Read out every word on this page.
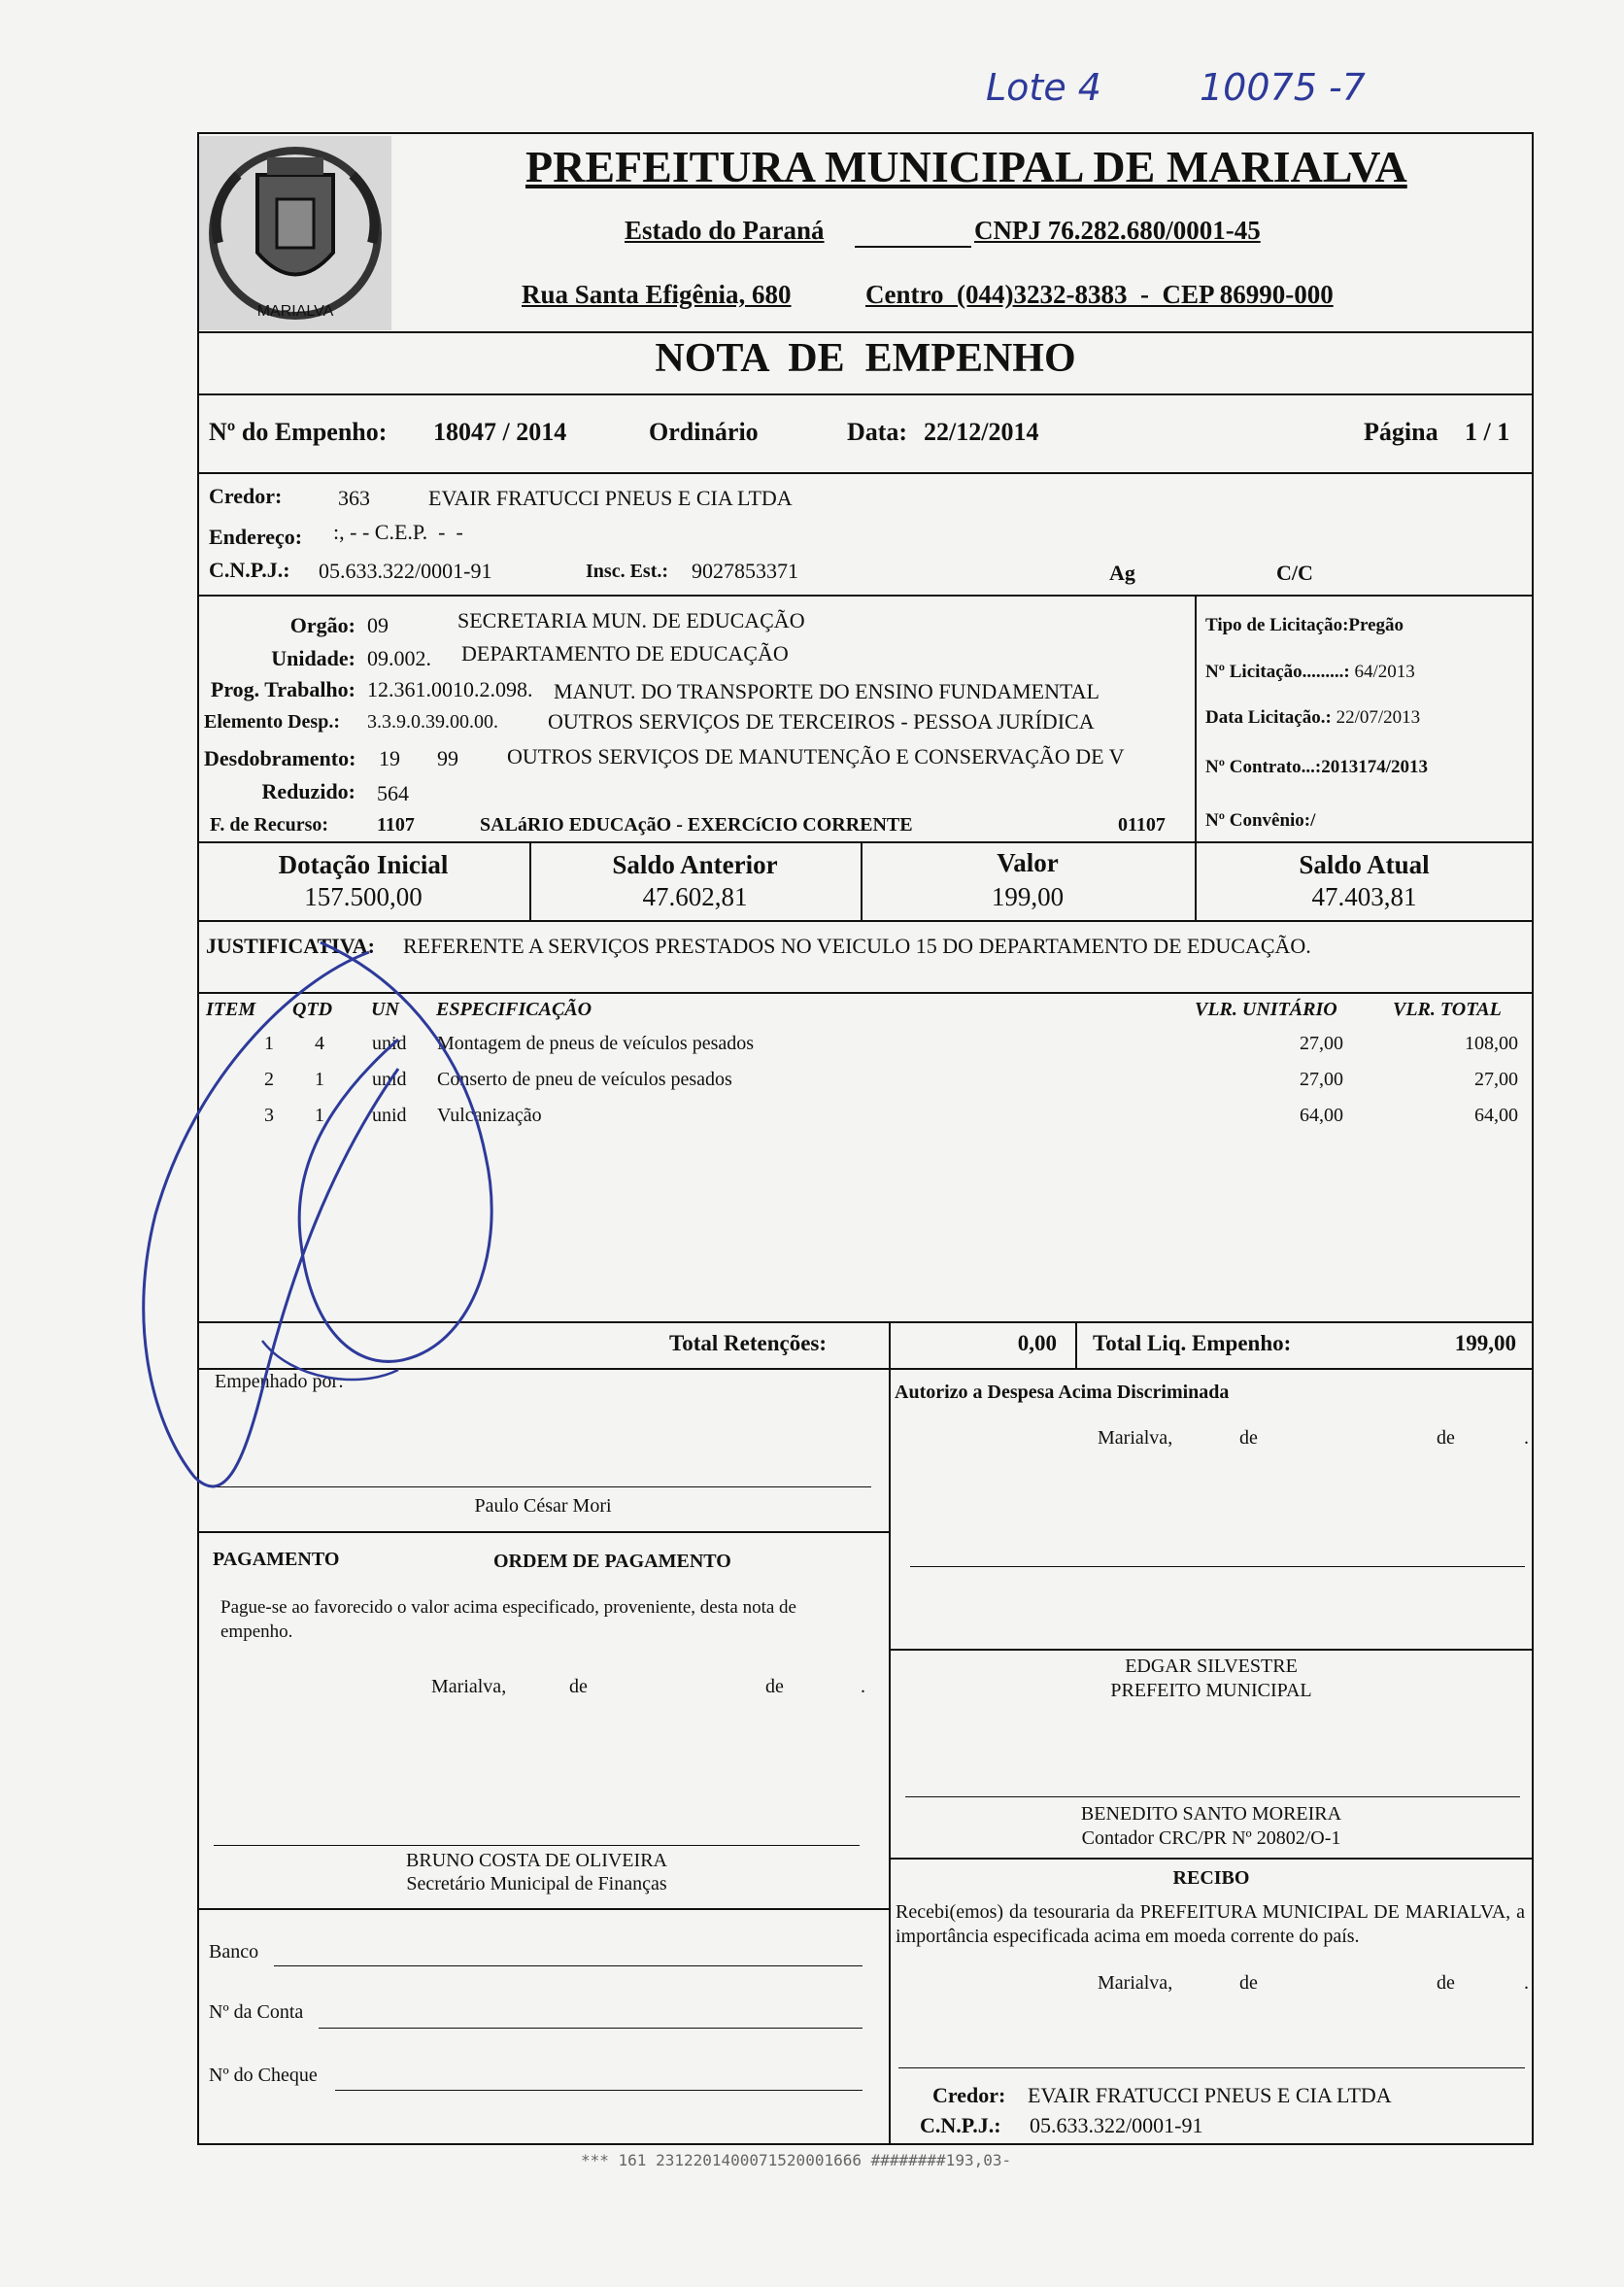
Lote 4	10075 -7
MARIALVA
PREFEITURA MUNICIPAL DE MARIALVA
Estado do Paraná	CNPJ 76.282.680/0001-45
Rua Santa Efigênia, 680	Centro  (044)3232-8383  -  CEP 86990-000
NOTA  DE  EMPENHO
Nº do Empenho: 18047 / 2014	Ordinário	Data: 22/12/2014	Página 1 / 1
Credor:	363	EVAIR FRATUCCI PNEUS E CIA LTDA
Endereço: :, - - C.E.P.  -  -
C.N.P.J.: 05.633.322/0001-91	Insc. Est.: 9027853371	Ag	C/C
Orgão: 09	SECRETARIA MUN. DE EDUCAÇÃO
Unidade: 09.002. DEPARTAMENTO DE EDUCAÇÃO
Prog. Trabalho: 12.361.0010.2.098. MANUT. DO TRANSPORTE DO ENSINO FUNDAMENTAL
Elemento Desp.: 3.3.9.0.39.00.00. OUTROS SERVIÇOS DE TERCEIROS - PESSOA JURÍDICA
Desdobramento: 19 99 OUTROS SERVIÇOS DE MANUTENÇÃO E CONSERVAÇÃO DE V
Reduzido: 564
F. de Recurso: 1107	SALáRIO EDUCAçãO - EXERCíCIO CORRENTE	01107
Tipo de Licitação:Pregão
Nº Licitação.........: 64/2013
Data Licitação.: 22/07/2013
Nº Contrato...:2013174/2013
Nº Convênio:/
Dotação Inicial
157.500,00
Saldo Anterior
47.602,81
Valor
199,00
Saldo Atual
47.403,81
JUSTIFICATIVA: REFERENTE A SERVIÇOS PRESTADOS NO VEICULO 15 DO DEPARTAMENTO DE EDUCAÇÃO.
ITEM QTD UN ESPECIFICAÇÃO	VLR. UNITÁRIO	VLR. TOTAL
1 4 unid Montagem de pneus de veículos pesados	27,00	108,00
2 1 unid Conserto de pneu de veículos pesados	27,00	27,00
3 1 unid Vulcanização	64,00	64,00
Total Retenções:	0,00 Total Liq. Empenho:	199,00
Empenhado por:
Paulo César Mori
Autorizo a Despesa Acima Discriminada
Marialva,	de	de	.
PAGAMENTO	ORDEM DE PAGAMENTO
Pague-se ao favorecido o valor acima especificado, proveniente, desta nota de empenho.
Marialva,	de	de	.
EDGAR SILVESTRE
PREFEITO MUNICIPAL
BENEDITO SANTO MOREIRA
Contador CRC/PR Nº 20802/O-1
BRUNO COSTA DE OLIVEIRA
Secretário Municipal de Finanças	RECIBO
Recebi(emos) da tesouraria da PREFEITURA MUNICIPAL DE MARIALVA, a importância especificada acima em moeda corrente do país.
Marialva,	de	de	.
Banco
Nº da Conta
Nº do Cheque
Credor: EVAIR FRATUCCI PNEUS E CIA LTDA
C.N.P.J.: 05.633.322/0001-91
*** 161 2312201400071520001666 ########193,03-
